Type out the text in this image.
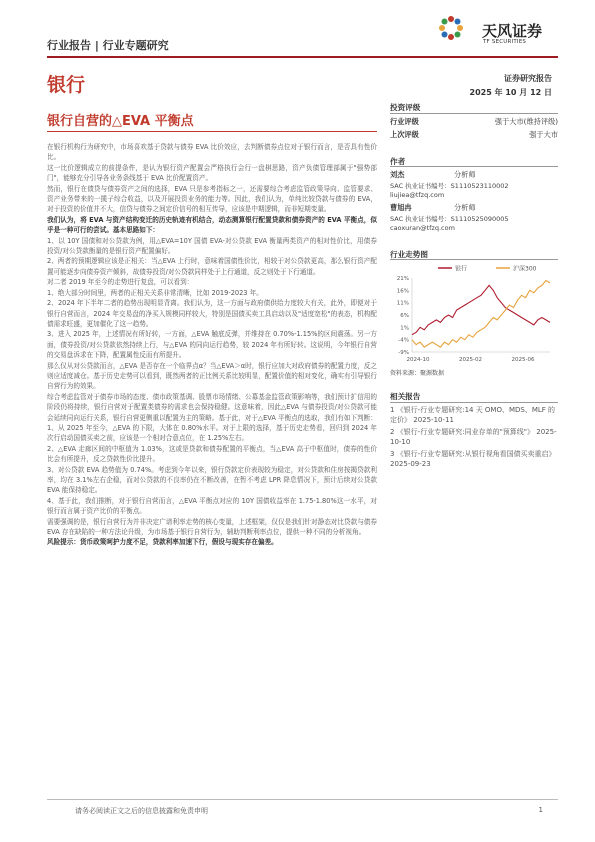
行业报告 | 行业专题研究
天风证券
TF SECURITIES
银行	证券研究报告
2025 年 10 月 12 日
银行自营的△EVA 平衡点
投资评级
行业评级	强于大市(维持评级)
上次评级	强于大市
作者
刘杰	分析师
SAC 执业证书编号：S1110523110002
liujiea@tfzq.com
曹旭冉	分析师
SAC 执业证书编号：S1110525090005
caoxuran@tfzq.com
行业走势图
银行	沪深300
21%
16%
11%
6%
1%
-4%
-9%
2024-10	2025-02	2025-06
资料来源：聚源数据
相关报告
1 《银行-行业专题研究:14 天 OMO、MDS、MLF 的定价》 2025-10-11
2 《银行-行业专题研究:同业存单的"预算线"》 2025-10-10
3 《银行-行业专题研究:从银行视角看国债买卖重启》 2025-09-23

在银行机构行为研究中，市场喜欢基于贷款与债券 EVA 比价效应，去判断债券点位对于银行而言，是否具有性价比。

这一比价逻辑成立的前提条件，是认为银行资产配置会严格执行会行一盘棋思路，资产负债管理部属于"强势部门"，能够充分引导各业务条线基于 EVA 比价配置资产。

然而，银行在债贷与债券资产之间的选择，EVA 只是参考指标之一，还需要综合考虑监管政策导向、监管要求、资产业务带来的一揽子综合收益，以及开展投资业务的能力等。因此，我们认为，单纯比较贷款与债券的 EVA，对于投资的价值并不大，信贷与债券之间定价信号的相互传导，应该是中期逻辑，而非短期变量。

我们认为，将 EVA 与资产结构变迁的历史轨迹有机结合，动态测算银行配置贷款和债券资产的 EVA 平衡点，似乎是一种可行的尝试。基本思路如下：

1、以 10Y 国债和对公贷款为例，用△EVA=10Y 国债 EVA-对公贷款 EVA 衡量两类资产的相对性价比，用债券投资/对公贷款衡量的是银行资产配置偏好。

2、两者的预期逻辑应该是正相关：当△EVA 上行时，意味着国债性价比，相较于对公贷款更高，那么银行资产配置可能逐步向债券资产倾斜，故债券投资/对公贷款同样处于上行通道，反之则处于下行通道。

对二者 2019 年至今的走势进行复盘，可以看到：

1、绝大部分时间里，两者的正相关关系非常清晰，比如 2019-2023 年。

2、2024 年下半年二者的趋势出现明显背离。我们认为，这一方面与政府债供给力度较大有关，此外，即便对于银行自营而言，2024 年交易盘的净买入规模同样较大，特别是国债买卖工具启动以及"适度宽松"的表态，机构配债需求旺盛，更加催化了这一趋势。

3、进入 2025 年，上述情况有所好转，一方面，△EVA 触底反弹，并维持在 0.70%-1.15%的区间震荡。另一方面，债券投资/对公贷款依然持续上行，与△EVA 的同向运行趋势，较 2024 年有所好转。这说明，今年银行自营的交易盘诉求在下降，配置属性反而有所提升。

那么仅从对公贷款而言，△EVA 是否存在一个临界点α？当△EVA＞α时，银行应加大对政府债券的配置力度，反之则应适度减仓。基于历史走势可以看到，既然两者的正比例关系比较明显，配置价值的相对变化，确实有引导银行自营行为的效果。

综合考虑监管对于债券市场的态度、债市政策基调、股票市场情绪、公募基金监管政策影响等，我们预计扩信用的阶段仍将持续，银行自营对于配置类债券的需求也会保持稳健。这意味着，因此△EVA 与债券投资/对公贷款可能会延续同向运行关系，银行自营更侧重以配置为主的策略。基于此，对于△EVA 平衡点的选取，我们有如下判断：

1、从 2025 年至今，△EVA 的下限，大体在 0.80%水平。对于上限的选择，基于历史走势看，回归到 2024 年次行启动国债买卖之前，应该是一个相对合意点位，在 1.25%左右。

2、△EVA 走廊区间的中枢值为 1.03%，这或是贷款和债券配置的平衡点，当△EVA 高于中枢值时，债券的性价比会有所提升，反之贷款性价比提升。

3、对公贷款 EVA 趋势值为 0.74%。考虑到今年以来，银行贷款定价表现较为稳定，对公贷款和住房按揭贷款利率，均在 3.1%左右企稳，而对公贷款的不良率仍在不断改善，在暂不考虑 LPR 降息情况下，预计后续对公贷款 EVA 能保持稳定。

4、基于此，我们推断，对于银行自营而言，△EVA 平衡点对应的 10Y 国债收益率在 1.75-1.80%这一水平，对银行而言属于资产比价的平衡点。

需要强调的是，银行自营行为并非决定广谱利率走势的核心变量，上述框架，仅仅是我们针对静态对比贷款与债券 EVA 存在缺陷的一种方法论升级，为市场基于银行自营行为，辅助判断利率点位，提供一种不同的分析视角。

风险提示：货币政策呵护力度不足，贷款利率加速下行，假设与现实存在偏差。

请务必阅读正文之后的信息披露和免责申明	1
